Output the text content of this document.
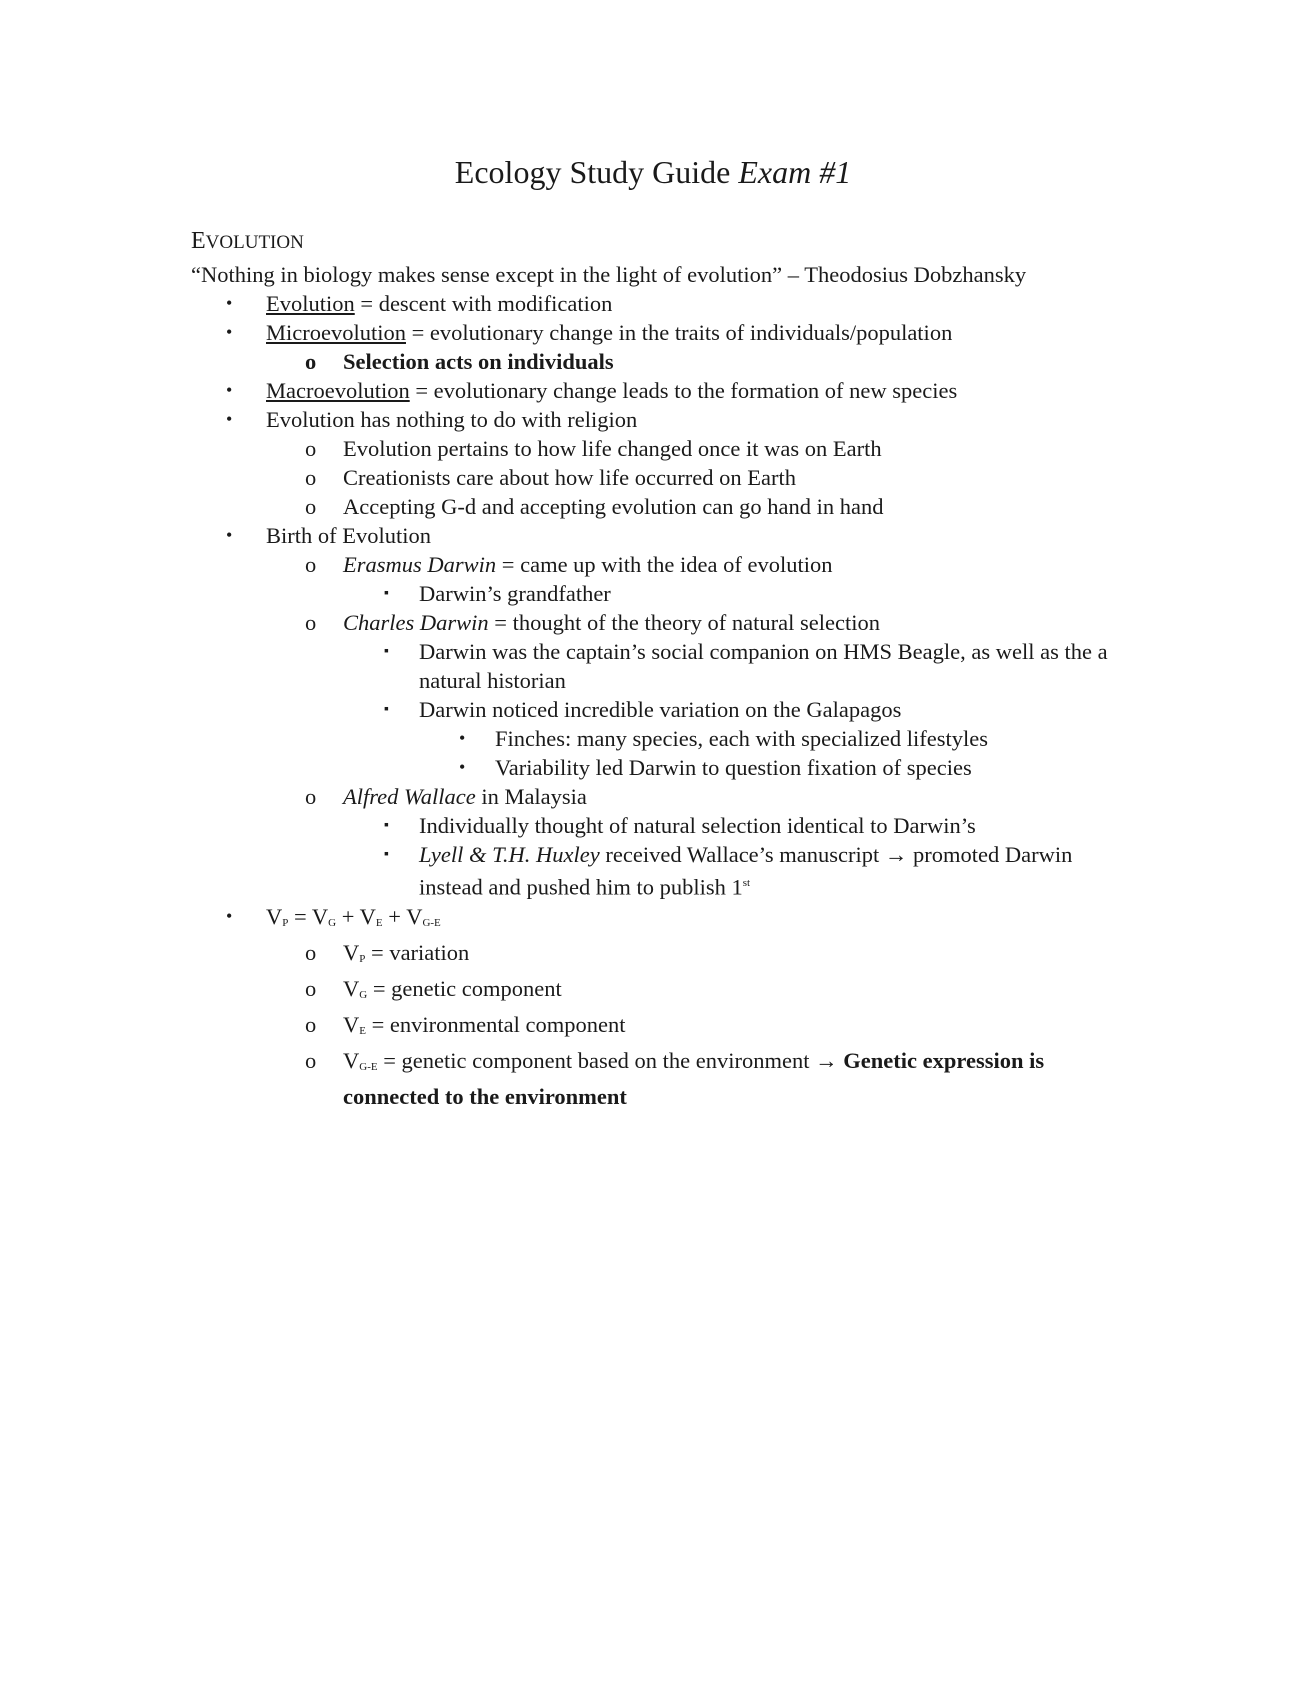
Ecology Study Guide Exam #1
EVOLUTION
“Nothing in biology makes sense except in the light of evolution” – Theodosius Dobzhansky
• Evolution = descent with modification
• Microevolution = evolutionary change in the traits of individuals/population
o Selection acts on individuals
• Macroevolution = evolutionary change leads to the formation of new species
• Evolution has nothing to do with religion
o Evolution pertains to how life changed once it was on Earth
o Creationists care about how life occurred on Earth
o Accepting G-d and accepting evolution can go hand in hand
• Birth of Evolution
o Erasmus Darwin = came up with the idea of evolution
▪ Darwin’s grandfather
o Charles Darwin = thought of the theory of natural selection
▪ Darwin was the captain’s social companion on HMS Beagle, as well as the a natural historian
▪ Darwin noticed incredible variation on the Galapagos
• Finches: many species, each with specialized lifestyles
• Variability led Darwin to question fixation of species
o Alfred Wallace in Malaysia
▪ Individually thought of natural selection identical to Darwin’s
▪ Lyell & T.H. Huxley received Wallace’s manuscript → promoted Darwin instead and pushed him to publish 1st
• $V_P = V_G + V_E + V_{G-E}$
o $V_P$ = variation
o $V_G$ = genetic component
o $V_E$ = environmental component
o $V_{G-E}$ = genetic component based on the environment → Genetic expression is connected to the environment
